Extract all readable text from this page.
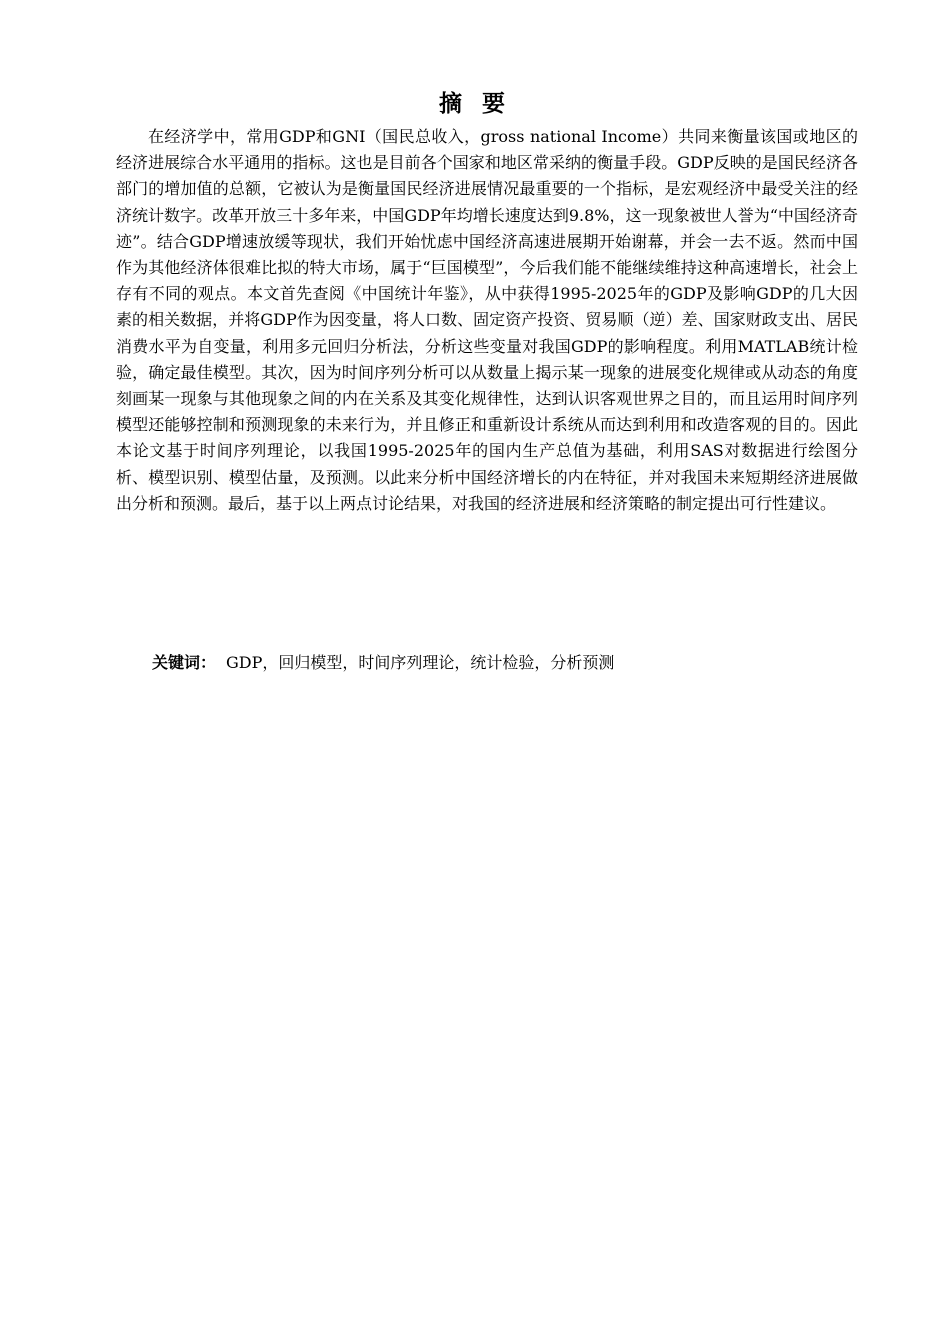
摘 要

在经济学中，常用GDP和GNI（国民总收入，gross national Income）共同来衡量该国或地区的经济进展综合水平通用的指标。这也是目前各个国家和地区常采纳的衡量手段。GDP反映的是国民经济各部门的增加值的总额，它被认为是衡量国民经济进展情况最重要的一个指标，是宏观经济中最受关注的经济统计数字。改革开放三十多年来，中国GDP年均增长速度达到9.8%，这一现象被世人誉为“中国经济奇迹”。结合GDP增速放缓等现状，我们开始忧虑中国经济高速进展期开始谢幕，并会一去不返。然而中国作为其他经济体很难比拟的特大市场，属于“巨国模型”，今后我们能不能继续维持这种高速增长，社会上存有不同的观点。本文首先查阅《中国统计年鉴》，从中获得1995-2025年的GDP及影响GDP的几大因素的相关数据，并将GDP作为因变量，将人口数、固定资产投资、贸易顺（逆）差、国家财政支出、居民消费水平为自变量，利用多元回归分析法，分析这些变量对我国GDP的影响程度。利用MATLAB统计检验，确定最佳模型。其次，因为时间序列分析可以从数量上揭示某一现象的进展变化规律或从动态的角度刻画某一现象与其他现象之间的内在关系及其变化规律性，达到认识客观世界之目的，而且运用时间序列模型还能够控制和预测现象的未来行为，并且修正和重新设计系统从而达到利用和改造客观的目的。因此本论文基于时间序列理论，以我国1995-2025年的国内生产总值为基础，利用SAS对数据进行绘图分析、模型识别、模型估量，及预测。以此来分析中国经济增长的内在特征，并对我国未来短期经济进展做出分析和预测。最后，基于以上两点讨论结果，对我国的经济进展和经济策略的制定提出可行性建议。

关键词： GDP，回归模型，时间序列理论，统计检验，分析预测
